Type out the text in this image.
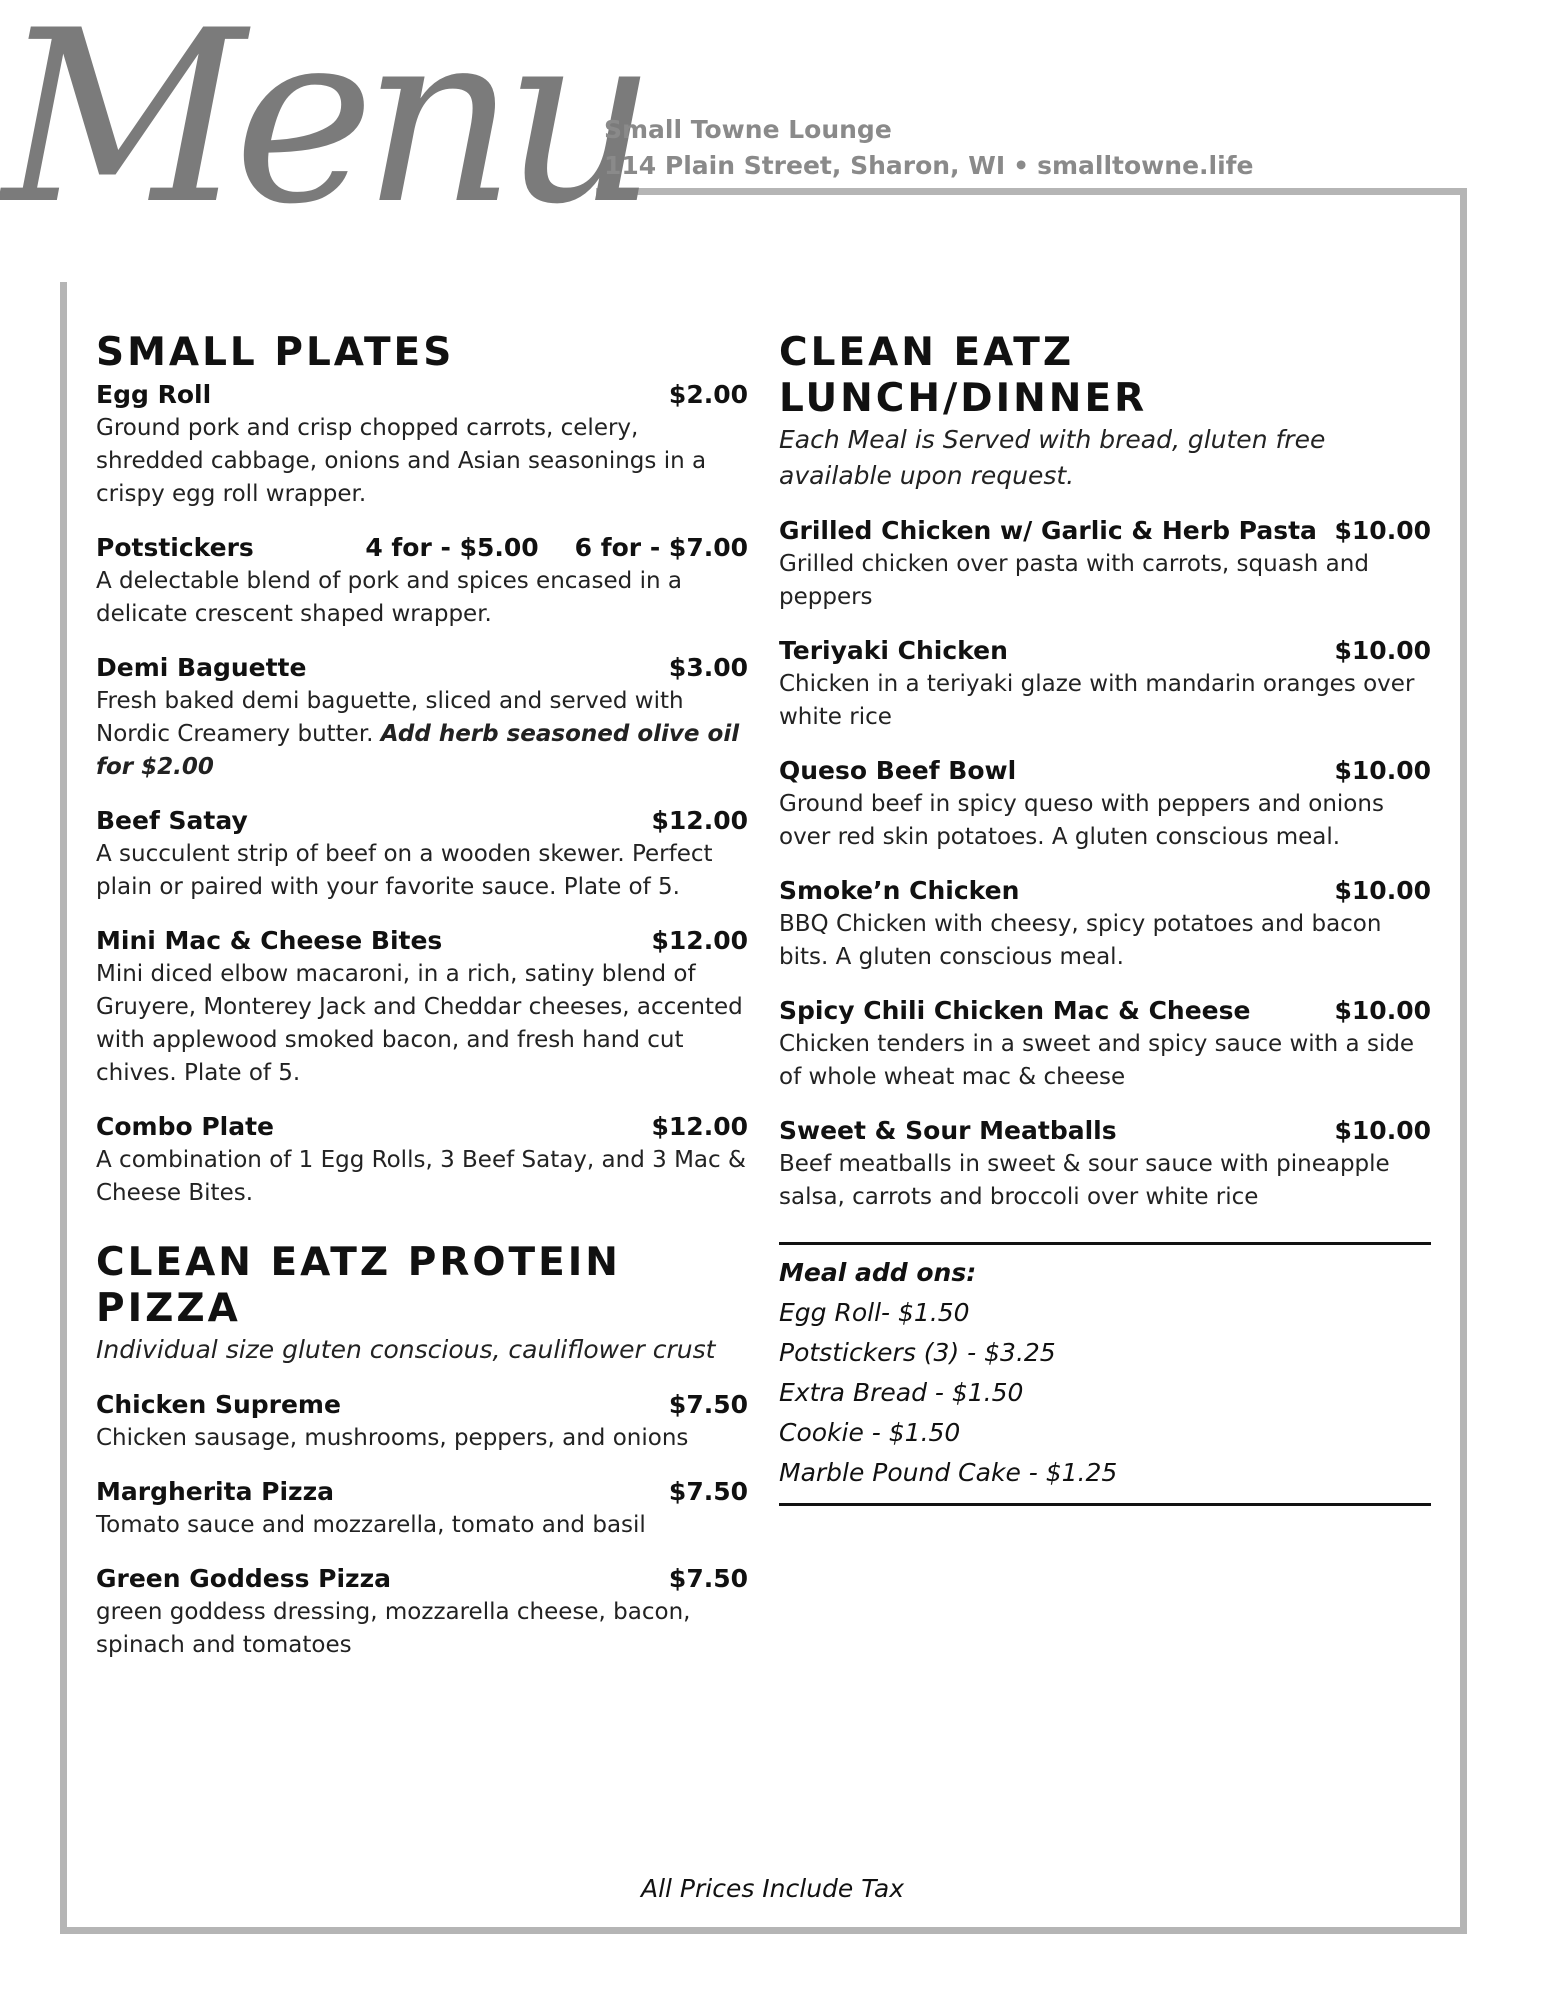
Menu
Small Towne Lounge
114 Plain Street, Sharon, WI • smalltowne.life
SMALL PLATES
Egg Roll	$2.00
Ground pork and crisp chopped carrots, celery, shredded cabbage, onions and Asian seasonings in a crispy egg roll wrapper.
Potstickers	4 for - $5.00 6 for - $7.00
A delectable blend of pork and spices encased in a delicate crescent shaped wrapper.
Demi Baguette	$3.00
Fresh baked demi baguette, sliced and served with Nordic Creamery butter. Add herb seasoned olive oil for $2.00
Beef Satay	$12.00
A succulent strip of beef on a wooden skewer. Perfect plain or paired with your favorite sauce. Plate of 5.
Mini Mac & Cheese Bites	$12.00
Mini diced elbow macaroni, in a rich, satiny blend of Gruyere, Monterey Jack and Cheddar cheeses, accented with applewood smoked bacon, and fresh hand cut chives. Plate of 5.
Combo Plate	$12.00
A combination of 1 Egg Rolls, 3 Beef Satay, and 3 Mac & Cheese Bites.
CLEAN EATZ PROTEIN PIZZA
Individual size gluten conscious, cauliflower crust
Chicken Supreme	$7.50
Chicken sausage, mushrooms, peppers, and onions
Margherita Pizza	$7.50
Tomato sauce and mozzarella, tomato and basil
Green Goddess Pizza	$7.50
green goddess dressing, mozzarella cheese, bacon, spinach and tomatoes
CLEAN EATZ LUNCH/DINNER
Each Meal is Served with bread, gluten free available upon request.
Grilled Chicken w/ Garlic & Herb Pasta $10.00
Grilled chicken over pasta with carrots, squash and peppers
Teriyaki Chicken	$10.00
Chicken in a teriyaki glaze with mandarin oranges over white rice
Queso Beef Bowl	$10.00
Ground beef in spicy queso with peppers and onions over red skin potatoes. A gluten conscious meal.
Smoke’n Chicken	$10.00
BBQ Chicken with cheesy, spicy potatoes and bacon bits. A gluten conscious meal.
Spicy Chili Chicken Mac & Cheese	$10.00
Chicken tenders in a sweet and spicy sauce with a side of whole wheat mac & cheese
Sweet & Sour Meatballs	$10.00
Beef meatballs in sweet & sour sauce with pineapple salsa, carrots and broccoli over white rice
Meal add ons:
Egg Roll- $1.50
Potstickers (3) - $3.25
Extra Bread - $1.50
Cookie - $1.50
Marble Pound Cake - $1.25
All Prices Include Tax
